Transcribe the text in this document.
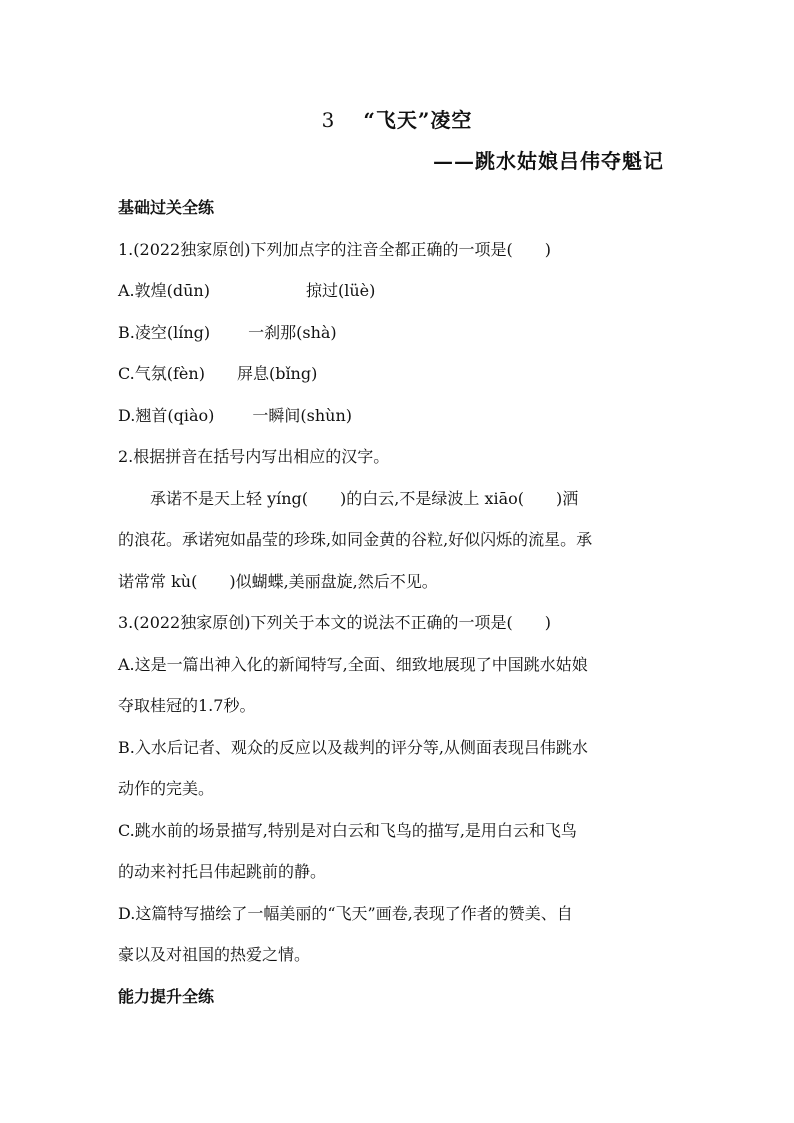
3 “飞天”凌空
——跳水姑娘吕伟夺魁记
基础过关全练
1.(2022独家原创)下列加点字的注音全都正确的一项是(　　)
A.敦煌(dūn)	掠过(lüè)
B.凌空(líng) 一刹那(shà)
C.气氛(fèn) 屏息(bǐng)
D.翘首(qiào) 一瞬间(shùn)
2.根据拼音在括号内写出相应的汉字。
承诺不是天上轻 yíng(　　)的白云,不是绿波上 xiāo(　　)洒
的浪花。承诺宛如晶莹的珍珠,如同金黄的谷粒,好似闪烁的流星。承
诺常常 kù(　　)似蝴蝶,美丽盘旋,然后不见。
3.(2022独家原创)下列关于本文的说法不正确的一项是(　　)
A.这是一篇出神入化的新闻特写,全面、细致地展现了中国跳水姑娘
夺取桂冠的1.7秒。
B.入水后记者、观众的反应以及裁判的评分等,从侧面表现吕伟跳水
动作的完美。
C.跳水前的场景描写,特别是对白云和飞鸟的描写,是用白云和飞鸟
的动来衬托吕伟起跳前的静。
D.这篇特写描绘了一幅美丽的“飞天”画卷,表现了作者的赞美、自
豪以及对祖国的热爱之情。
能力提升全练
